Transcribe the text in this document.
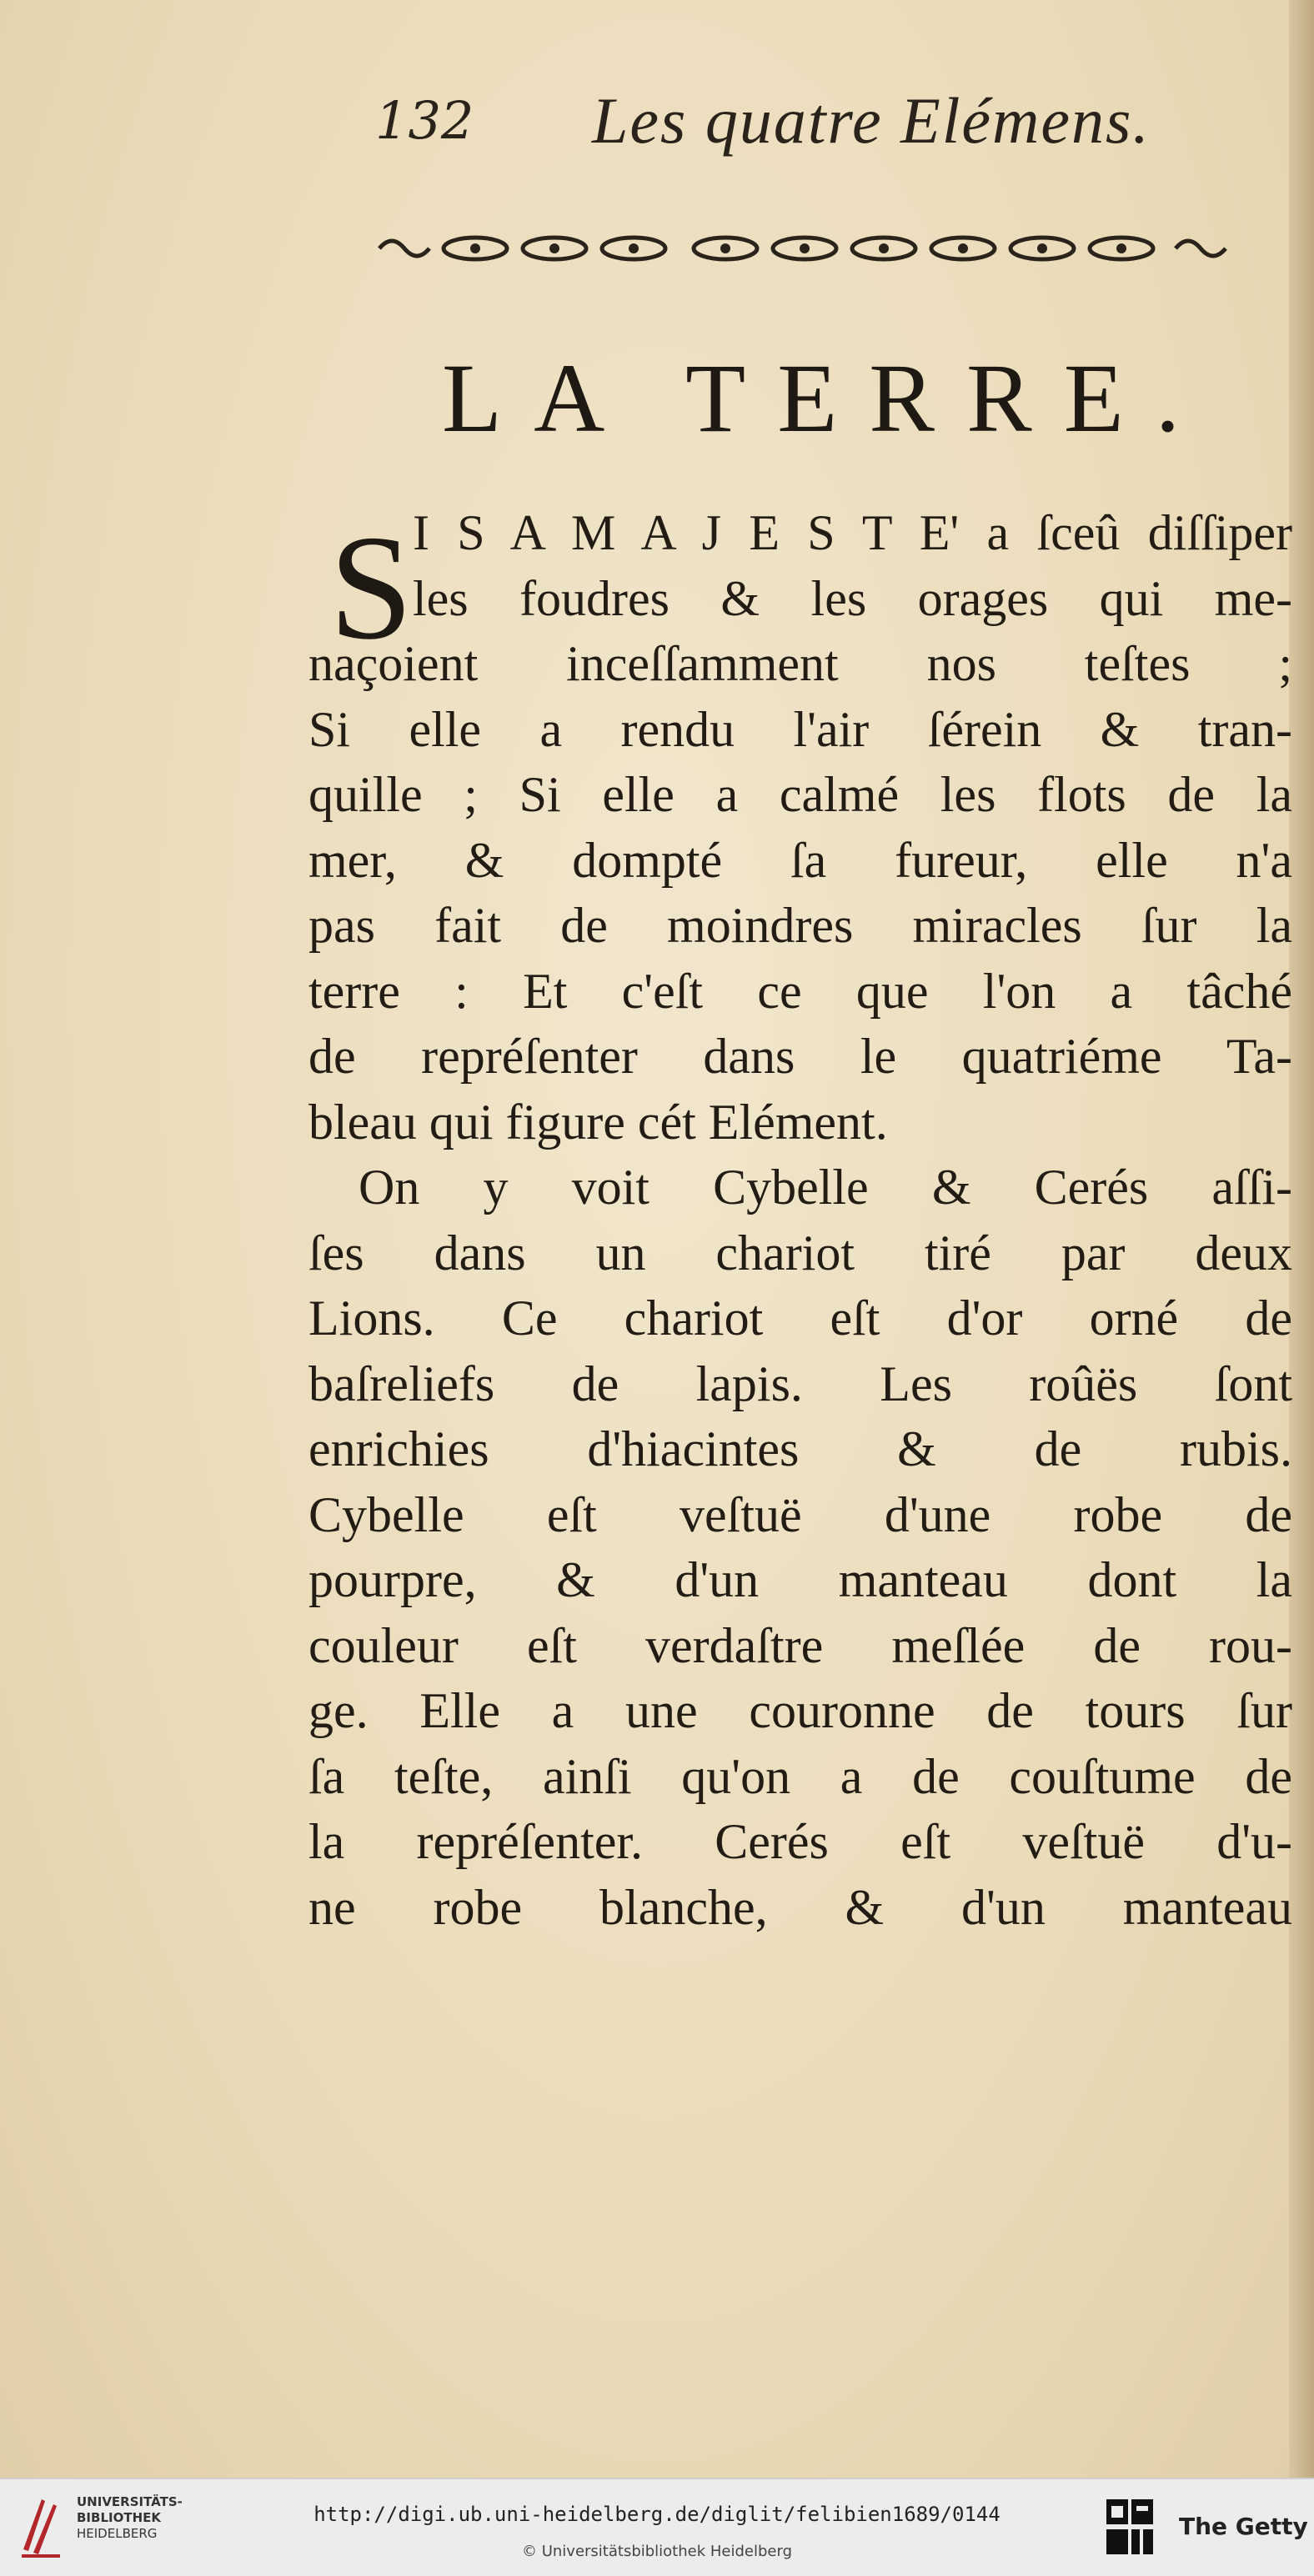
132 Les quatre Elémens.
LA TERRE.
S I S A M A J E S T E' a ſceû diſſiper
les foudres & les orages qui me-
naçoient inceſſamment nos teſtes ;
Si elle a rendu l'air ſérein & tran-
quille ; Si elle a calmé les flots de la
mer, & dompté ſa fureur, elle n'a
pas fait de moindres miracles ſur la
terre : Et c'eſt ce que l'on a tâché
de repréſenter dans le quatriéme Ta-
bleau qui figure cét Elément.
On y voit Cybelle & Cerés aſſi-
ſes dans un chariot tiré par deux
Lions. Ce chariot eſt d'or orné de
baſreliefs de lapis. Les roûës ſont
enrichies d'hiacintes & de rubis.
Cybelle eſt veſtuë d'une robe de
pourpre, & d'un manteau dont la
couleur eſt verdaſtre meſlée de rou-
ge. Elle a une couronne de tours ſur
ſa teſte, ainſi qu'on a de couſtume de
la repréſenter. Cerés eſt veſtuë d'u-
ne robe blanche, & d'un manteau
UNIVERSITÄTS-
BIBLIOTHEK
HEIDELBERG
http://digi.ub.uni-heidelberg.de/diglit/felibien1689/0144
© Universitätsbibliothek Heidelberg
The Getty
